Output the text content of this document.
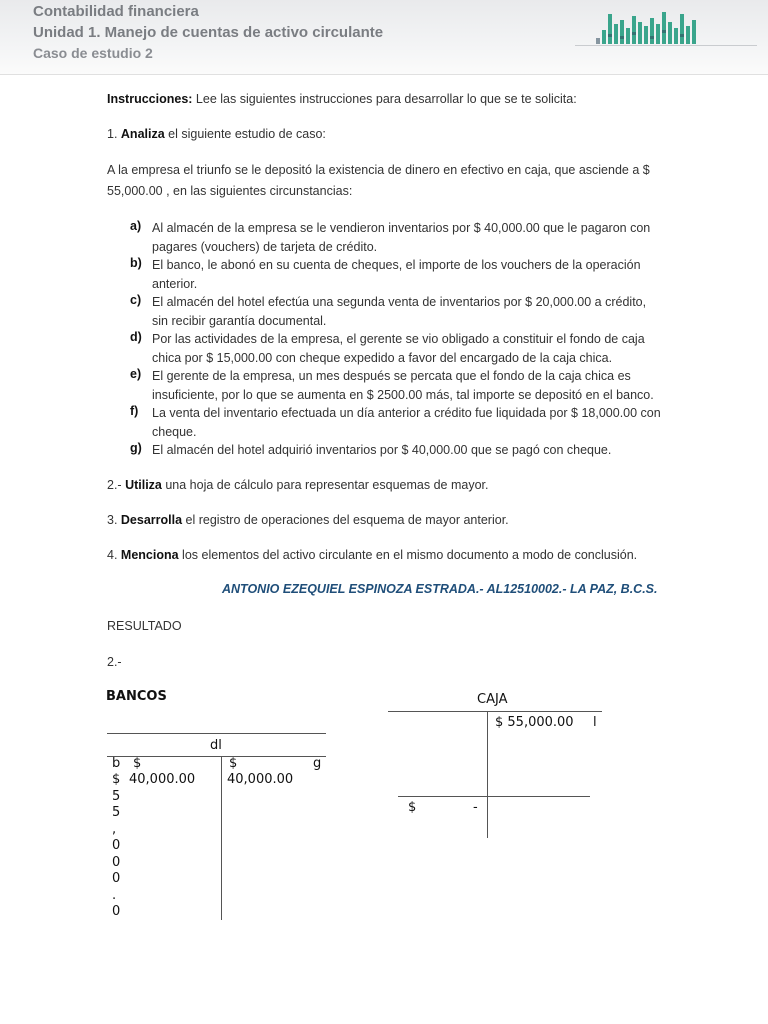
Contabilidad financiera
Unidad 1. Manejo de cuentas de activo circulante
Caso de estudio 2
Instrucciones: Lee las siguientes instrucciones para desarrollar lo que se te solicita:
1. Analiza el siguiente estudio de caso:
A la empresa el triunfo se le depositó la existencia de dinero en efectivo en caja, que asciende a $
55,000.00 , en las siguientes circunstancias:
a) Al almacén de la empresa se le vendieron inventarios por $ 40,000.00 que le pagaron con pagares (vouchers) de tarjeta de crédito.
b) El banco, le abonó en su cuenta de cheques, el importe de los vouchers de la operación anterior.
c) El almacén del hotel efectúa una segunda venta de inventarios por $ 20,000.00 a crédito, sin recibir garantía documental.
d) Por las actividades de la empresa, el gerente se vio obligado a constituir el fondo de caja chica por $ 15,000.00 con cheque expedido a favor del encargado de la caja chica.
e) El gerente de la empresa, un mes después se percata que el fondo de la caja chica es insuficiente, por lo que se aumenta en $ 2500.00 más, tal importe se depositó en el banco.
f) La venta del inventario efectuada un día anterior a crédito fue liquidada por $ 18,000.00 con cheque.
g) El almacén del hotel adquirió inventarios por $ 40,000.00 que se pagó con cheque.
2.- Utiliza una hoja de cálculo para representar esquemas de mayor.
3. Desarrolla el registro de operaciones del esquema de mayor anterior.
4. Menciona los elementos del activo circulante en el mismo documento a modo de conclusión.
ANTONIO EZEQUIEL ESPINOZA ESTRADA.- AL12510002.- LA PAZ, B.C.S.
RESULTADO
2.-
BANCOS
dl
b $
40,000.00
$	g
40,000.00
$
5
5
,
0
0
0
.
0
CAJA
$ 55,000.00 l
$	-
